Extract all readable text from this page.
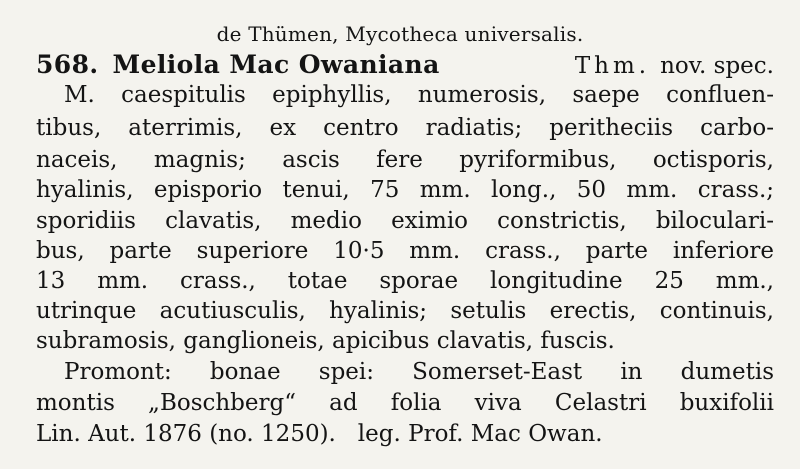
de Thümen, Mycotheca universalis.
568. Meliola Mac Owaniana	Thm. nov. spec.
M. caespitulis epiphyllis, numerosis, saepe confluen-
tibus, aterrimis, ex centro radiatis; peritheciis carbo-
naceis, magnis; ascis fere pyriformibus, octisporis,
hyalinis, episporio tenui, 75 mm. long., 50 mm. crass.;
sporidiis clavatis, medio eximio constrictis, biloculari-
bus, parte superiore 10·5 mm. crass., parte inferiore
13 mm. crass., totae sporae longitudine 25 mm.,
utrinque acutiusculis, hyalinis; setulis erectis, continuis,
subramosis, ganglioneis, apicibus clavatis, fuscis.
Promont: bonae spei: Somerset-East in dumetis
montis „Boschberg“ ad folia viva Celastri buxifolii
Lin. Aut. 1876 (no. 1250).   leg. Prof. Mac Owan.
